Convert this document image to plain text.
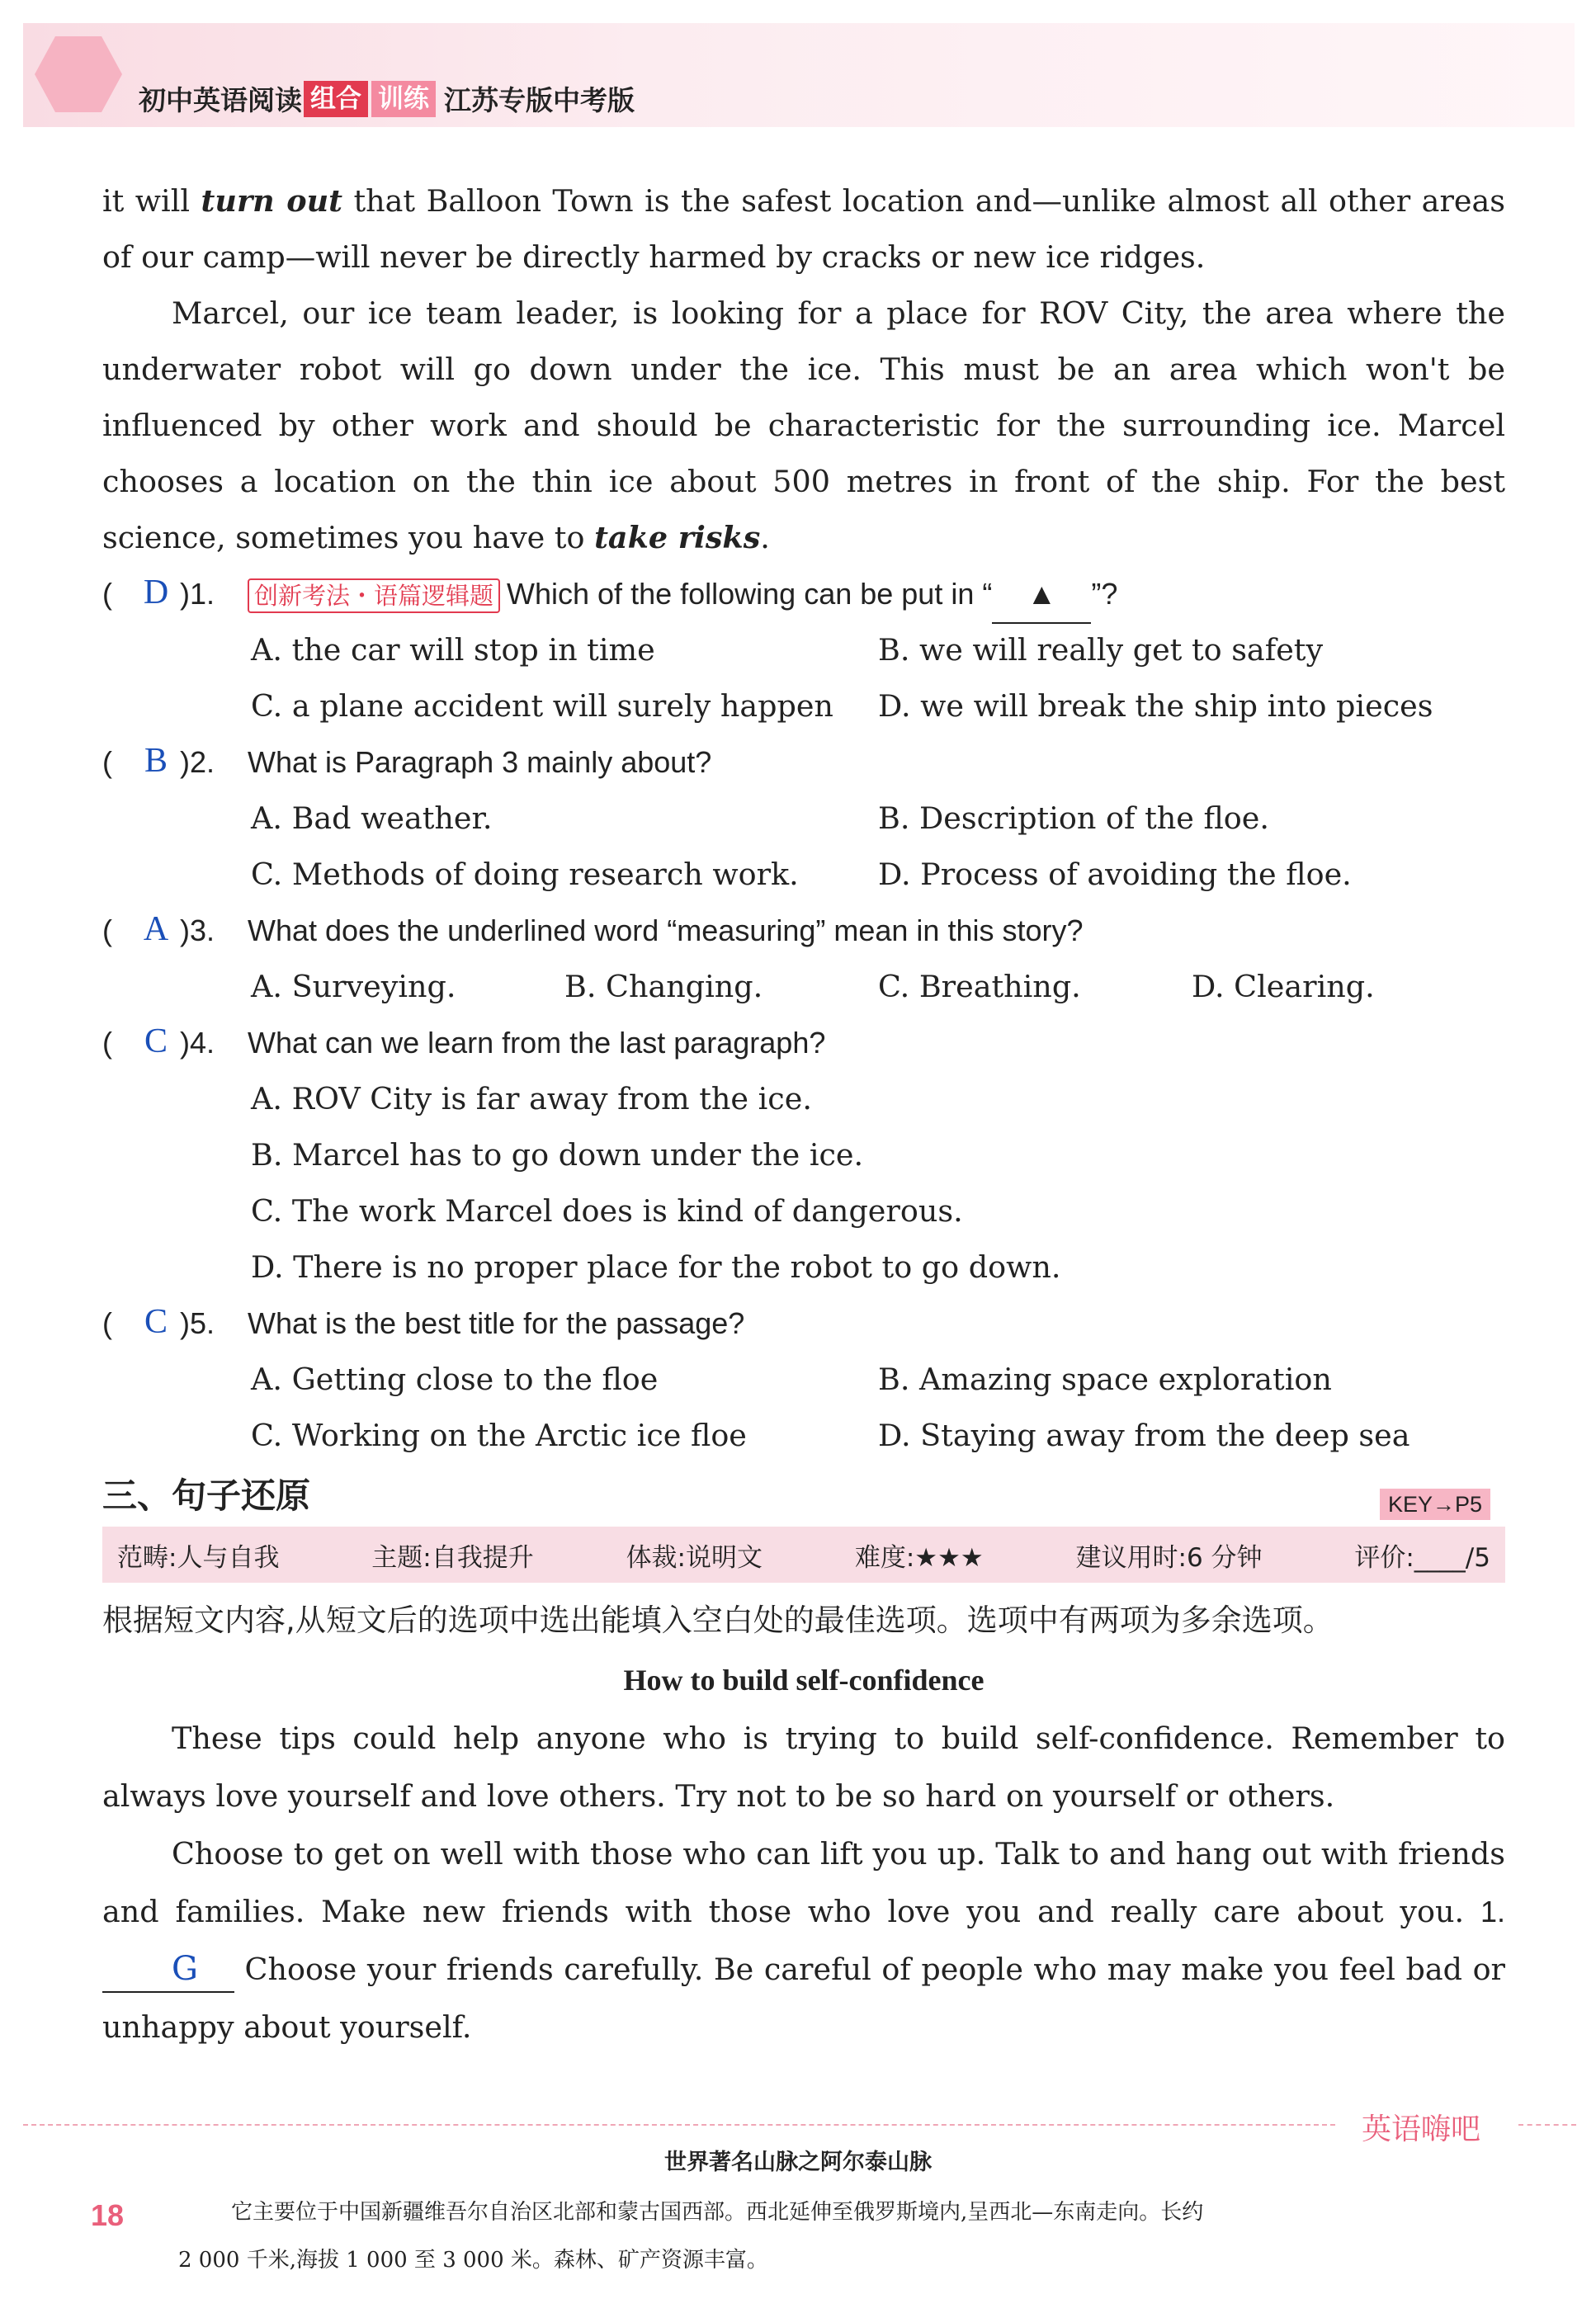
初中英语阅读 组合 训练 江苏专版中考版

it will turn out that Balloon Town is the safest location and—unlike almost all other areas of our camp—will never be directly harmed by cracks or new ice ridges.

Marcel, our ice team leader, is looking for a place for ROV City, the area where the underwater robot will go down under the ice. This must be an area which won't be influenced by other work and should be characteristic for the surrounding ice. Marcel chooses a location on the thin ice about 500 metres in front of the ship. For the best science, sometimes you have to take risks.

( D )1. 创新考法・语篇逻辑题 Which of the following can be put in “ ▲ ”?
A. the car will stop in time	B. we will really get to safety
C. a plane accident will surely happen D. we will break the ship into pieces
( B )2. What is Paragraph 3 mainly about?
A. Bad weather.	B. Description of the floe.
C. Methods of doing research work.	D. Process of avoiding the floe.
( A )3. What does the underlined word “measuring” mean in this story?
A. Surveying.	B. Changing.	C. Breathing.	D. Clearing.
( C )4. What can we learn from the last paragraph?
A. ROV City is far away from the ice.
B. Marcel has to go down under the ice.
C. The work Marcel does is kind of dangerous.
D. There is no proper place for the robot to go down.
( C )5. What is the best title for the passage?
A. Getting close to the floe	B. Amazing space exploration
C. Working on the Arctic ice floe	D. Staying away from the deep sea
三、句子还原	KEY→P5
范畴:人与自我	主题:自我提升	体裁:说明文	难度:★★★	建议用时:6 分钟	评价:____/5

根据短文内容,从短文后的选项中选出能填入空白处的最佳选项。选项中有两项为多余选项。

How to build self-confidence

These tips could help anyone who is trying to build self-confidence. Remember to always love yourself and love others. Try not to be so hard on yourself or others.

Choose to get on well with those who can lift you up. Talk to and hang out with friends and families. Make new friends with those who love you and really care about you. 1. G Choose your friends carefully. Be careful of people who may make you feel bad or unhappy about yourself.

英语嗨吧
世界著名山脉之阿尔泰山脉
18	它主要位于中国新疆维吾尔自治区北部和蒙古国西部。西北延伸至俄罗斯境内,呈西北—东南走向。长约
2 000 千米,海拔 1 000 至 3 000 米。森林、矿产资源丰富。
